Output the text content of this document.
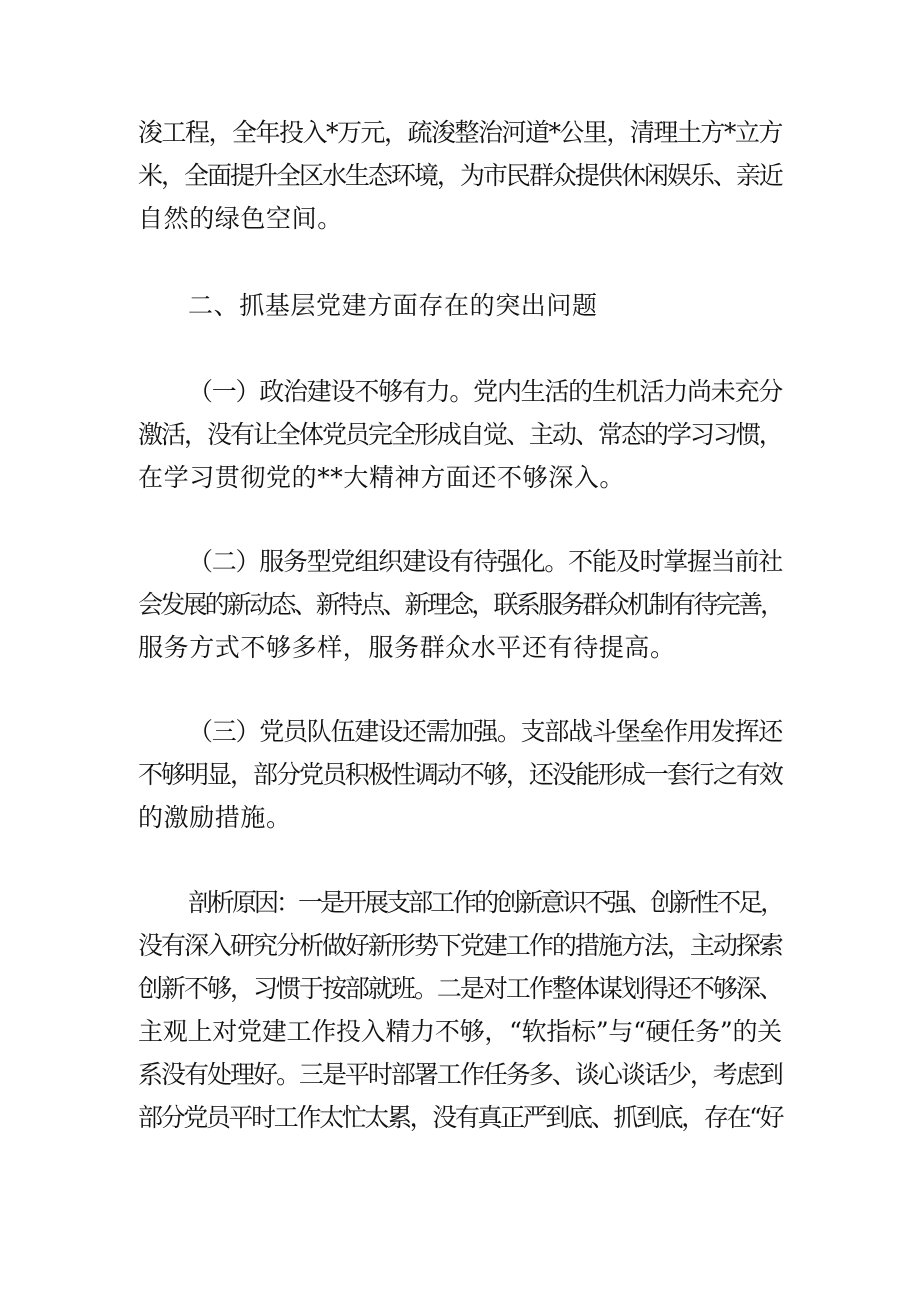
浚工程，全年投入*万元，疏浚整治河道*公里，清理土方*立方
米，全面提升全区水生态环境，为市民群众提供休闲娱乐、亲近
自然的绿色空间。
二、抓基层党建方面存在的突出问题
（一）政治建设不够有力。党内生活的生机活力尚未充分
激活，没有让全体党员完全形成自觉、主动、常态的学习习惯，
在学习贯彻党的**大精神方面还不够深入。
（二）服务型党组织建设有待强化。不能及时掌握当前社
会发展的新动态、新特点、新理念，联系服务群众机制有待完善，
服务方式不够多样，服务群众水平还有待提高。
（三）党员队伍建设还需加强。支部战斗堡垒作用发挥还
不够明显，部分党员积极性调动不够，还没能形成一套行之有效
的激励措施。
剖析原因：一是开展支部工作的创新意识不强、创新性不足，
没有深入研究分析做好新形势下党建工作的措施方法，主动探索
创新不够，习惯于按部就班。二是对工作整体谋划得还不够深、
主观上对党建工作投入精力不够，“软指标”与“硬任务”的关
系没有处理好。三是平时部署工作任务多、谈心谈话少，考虑到
部分党员平时工作太忙太累，没有真正严到底、抓到底，存在“好
